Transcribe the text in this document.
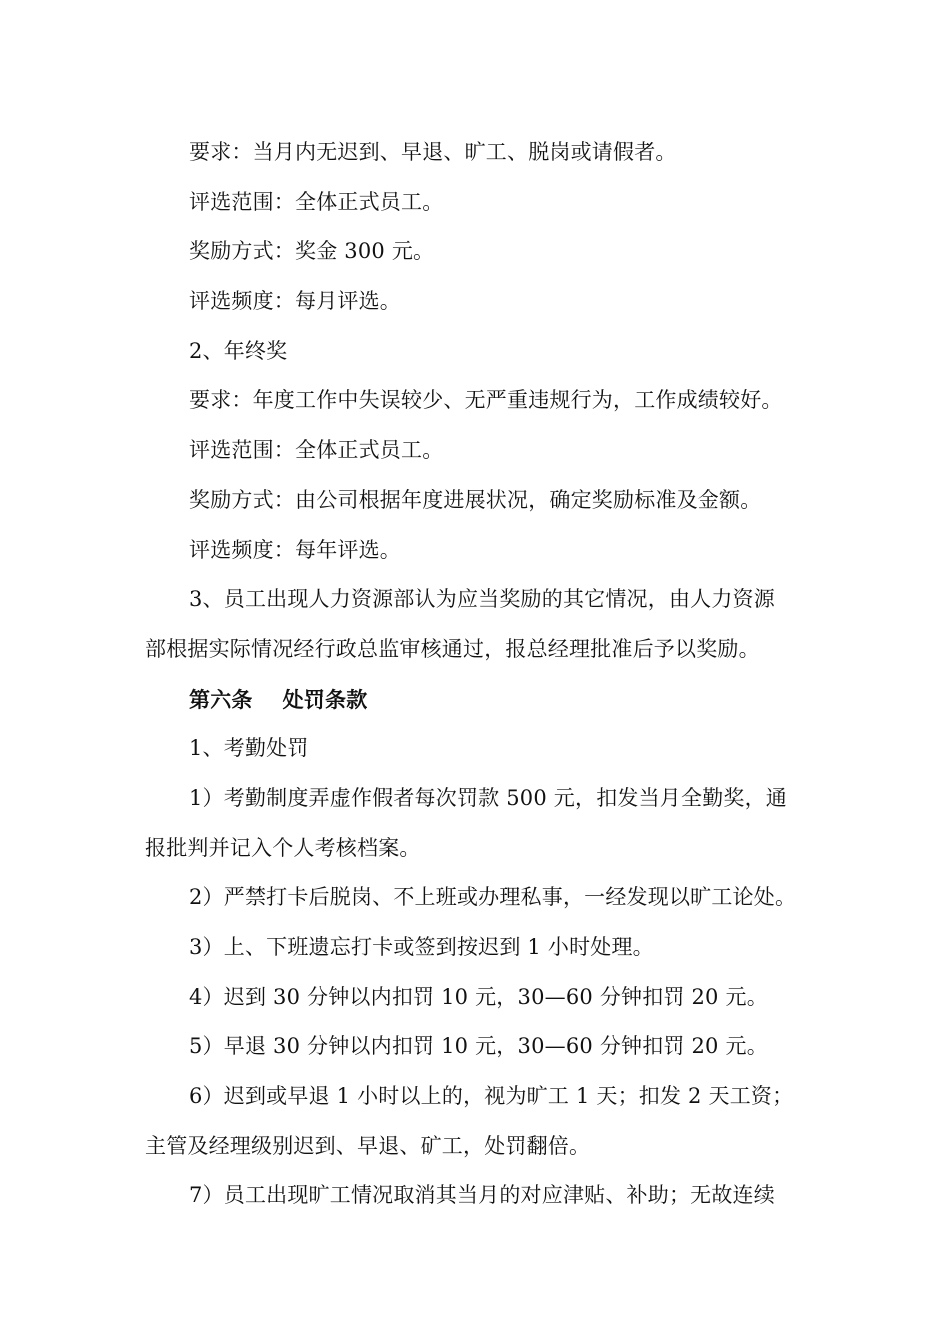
要求：当月内无迟到、早退、旷工、脱岗或请假者。
评选范围：全体正式员工。
奖励方式：奖金 300 元。
评选频度：每月评选。
2、年终奖
要求：年度工作中失误较少、无严重违规行为，工作成绩较好。
评选范围：全体正式员工。
奖励方式：由公司根据年度进展状况，确定奖励标准及金额。
评选频度：每年评选。
3、员工出现人力资源部认为应当奖励的其它情况，由人力资源
部根据实际情况经行政总监审核通过，报总经理批准后予以奖励。
第六条 处罚条款
1、考勤处罚
1）考勤制度弄虚作假者每次罚款 500 元，扣发当月全勤奖，通
报批判并记入个人考核档案。
2）严禁打卡后脱岗、不上班或办理私事，一经发现以旷工论处。
3）上、下班遗忘打卡或签到按迟到 1 小时处理。
4）迟到 30 分钟以内扣罚 10 元，30—60 分钟扣罚 20 元。
5）早退 30 分钟以内扣罚 10 元，30—60 分钟扣罚 20 元。
6）迟到或早退 1 小时以上的，视为旷工 1 天；扣发 2 天工资；
主管及经理级别迟到、早退、矿工，处罚翻倍。
7）员工出现旷工情况取消其当月的对应津贴、补助；无故连续
